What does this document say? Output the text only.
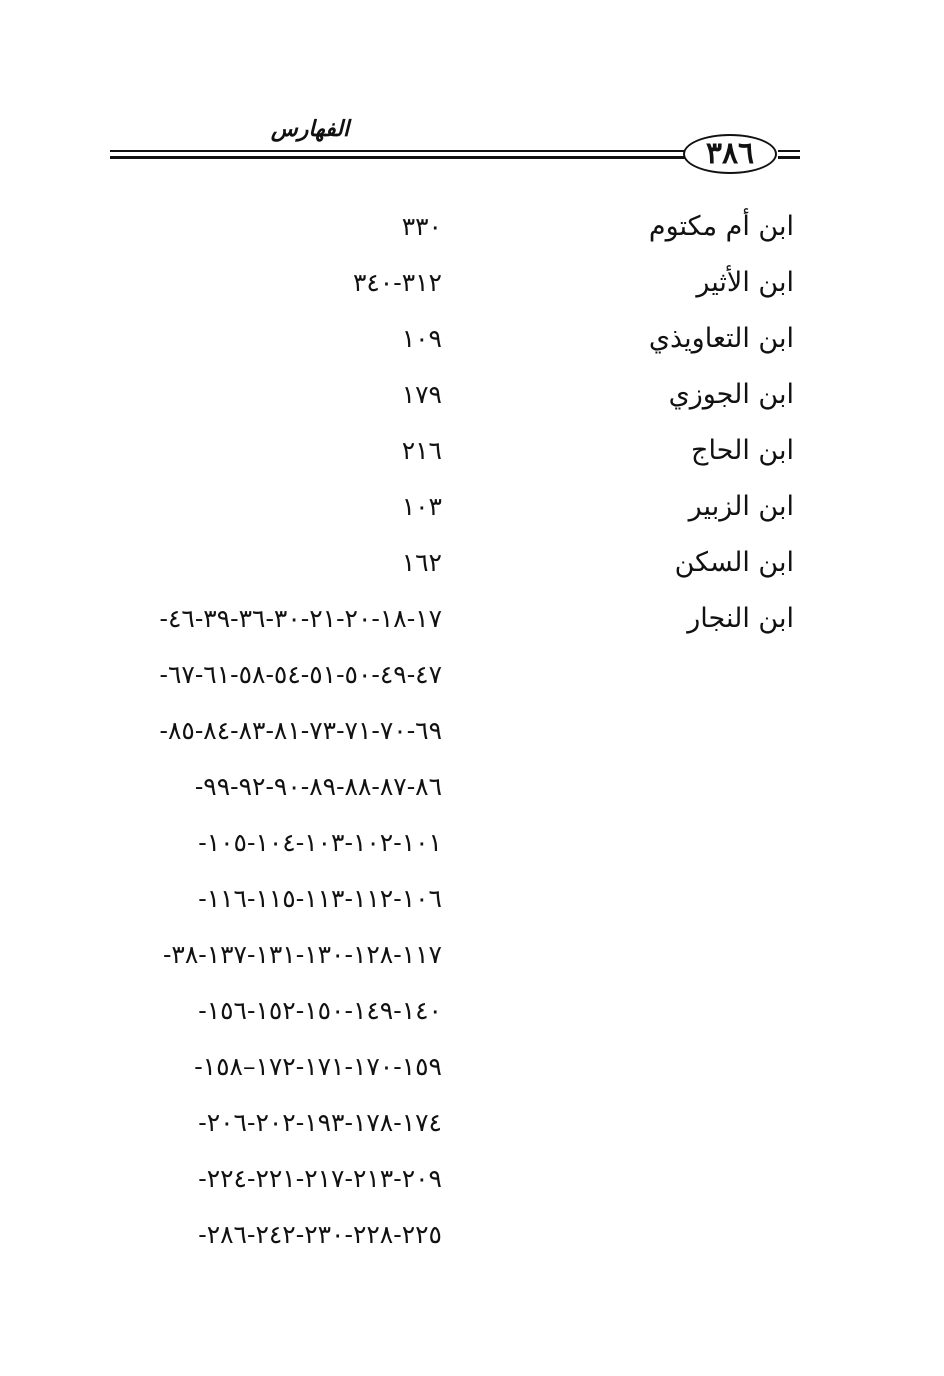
الفهارس
٣٨٦
ابن أم مكتوم
٣٣٠
ابن الأثير
٣١٢-٣٤٠
ابن التعاويذي
١٠٩
ابن الجوزي
١٧٩
ابن الحاج
٢١٦
ابن الزبير
١٠٣
ابن السكن
١٦٢
ابن النجار
١٧-١٨-٢٠-٢١-٣٠-٣٦-٣٩-٤٦-
٤٧-٤٩-٥٠-٥١-٥٤-٥٨-٦١-٦٧-
٦٩-٧٠-٧١-٧٣-٨١-٨٣-٨٤-٨٥-
٨٦-٨٧-٨٨-٨٩-٩٠-٩٢-٩٩-
١٠١-١٠٢-١٠٣-١٠٤-١٠٥-
١٠٦-١١٢-١١٣-١١٥-١١٦-
١١٧-١٢٨-١٣٠-١٣١-١٣٧-٣٨-
١٤٠-١٤٩-١٥٠-١٥٢-١٥٦-
١٥٩-١٧٠-١٧١-١٧٢–١٥٨-
١٧٤-١٧٨-١٩٣-٢٠٢-٢٠٦-
٢٠٩-٢١٣-٢١٧-٢٢١-٢٢٤-
٢٢٥-٢٢٨-٢٣٠-٢٤٢-٢٨٦-
